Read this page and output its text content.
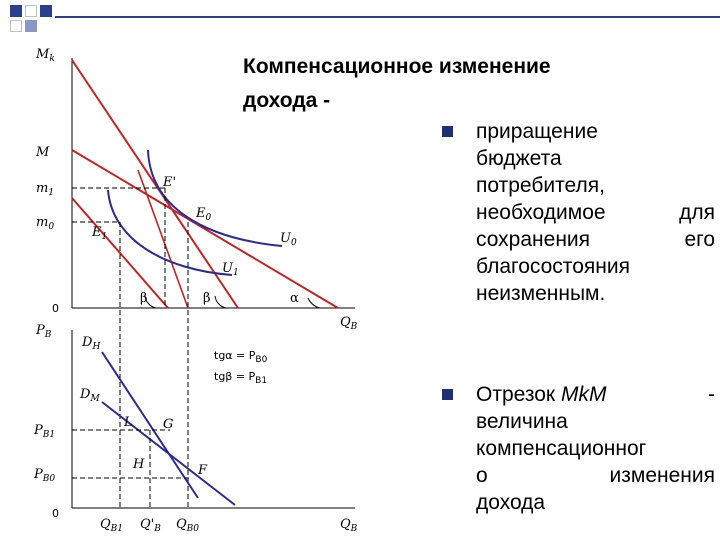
Компенсационное изменение
дохода -
приращение
бюджета
потребителя,
необходимое	для
сохранения	его
благосостояния
неизменным.
Отрезок MkM	-
величина
компенсационног
о	изменения
дохода
$M_k$
M
$m_1$
$m_0$
0
$Q_B$
E'
$E_0$
$E_1$	$U_0$
$U_1$
β	β	α
$P_B$
$P_{B1}$
$P_{B0}$
0
$D_H$
$D_M$
L G
H	F
$Q_{B1}$ $Q'_B$ $Q_{B0}$	$Q_B$
$tg\alpha = P_{B0}$
$tg\beta = P_{B1}$
